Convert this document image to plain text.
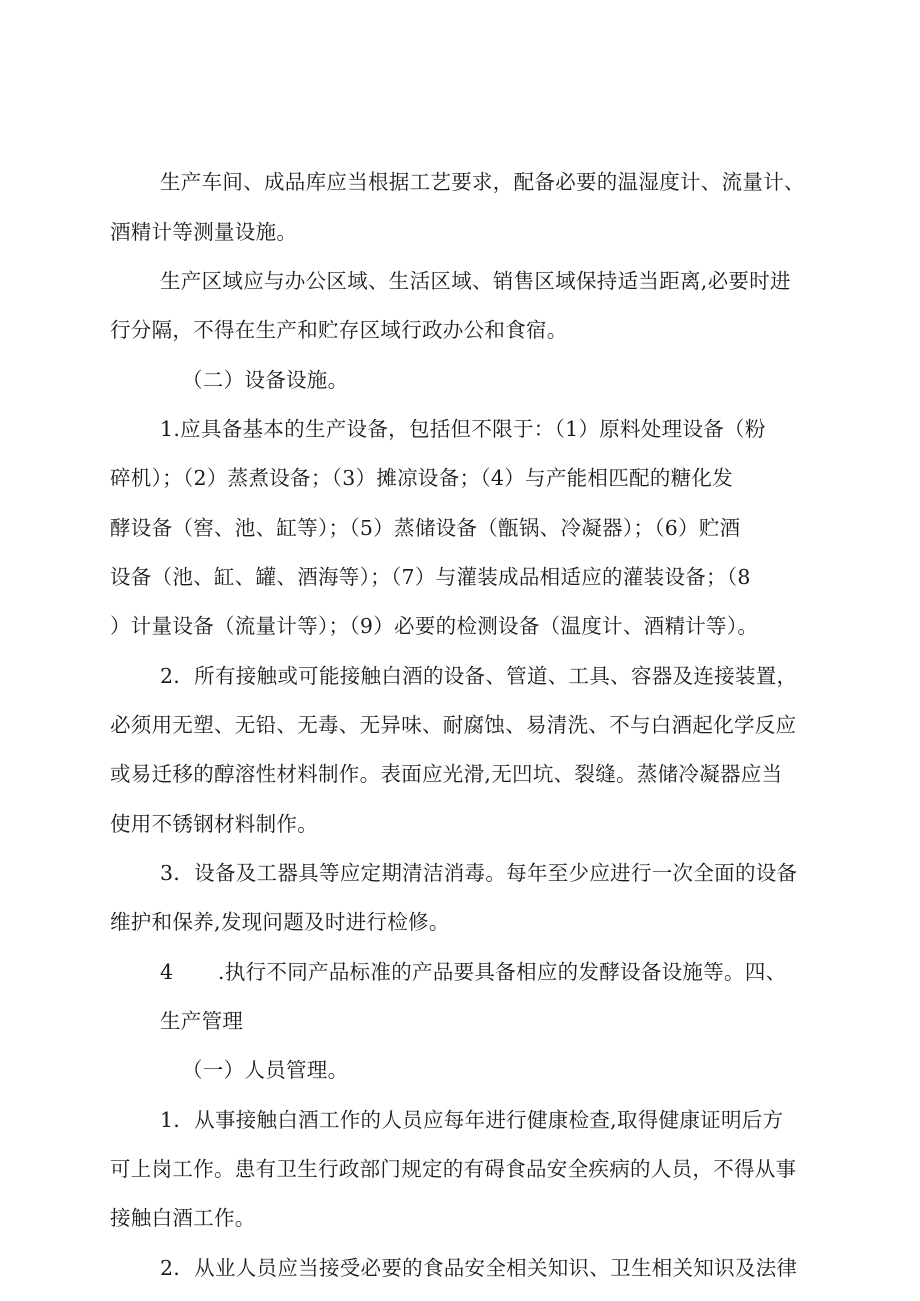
生产车间、成品库应当根据工艺要求，配备必要的温湿度计、流量计、
酒精计等测量设施。
生产区域应与办公区域、生活区域、销售区域保持适当距离,必要时进
行分隔，不得在生产和贮存区域行政办公和食宿。
（二）设备设施。
1.应具备基本的生产设备，包括但不限于：（1）原料处理设备（粉
碎机）；（2）蒸煮设备；（3）摊凉设备；（4）与产能相匹配的糖化发
酵设备（窖、池、缸等）；（5）蒸储设备（甑锅、冷凝器）；（6）贮酒
设备（池、缸、罐、酒海等）；（7）与灌装成品相适应的灌装设备；（8
）计量设备（流量计等）；（9）必要的检测设备（温度计、酒精计等）。
2．所有接触或可能接触白酒的设备、管道、工具、容器及连接装置，
必须用无塑、无铅、无毒、无异味、耐腐蚀、易清洗、不与白酒起化学反应
或易迁移的醇溶性材料制作。表面应光滑,无凹坑、裂缝。蒸储冷凝器应当
使用不锈钢材料制作。
3．设备及工器具等应定期清洁消毒。每年至少应进行一次全面的设备
维护和保养,发现问题及时进行检修。
4 .执行不同产品标准的产品要具备相应的发酵设备设施等。四、
生产管理
（一）人员管理。
1．从事接触白酒工作的人员应每年进行健康检查,取得健康证明后方
可上岗工作。患有卫生行政部门规定的有碍食品安全疾病的人员，不得从事
接触白酒工作。
2．从业人员应当接受必要的食品安全相关知识、卫生相关知识及法律
